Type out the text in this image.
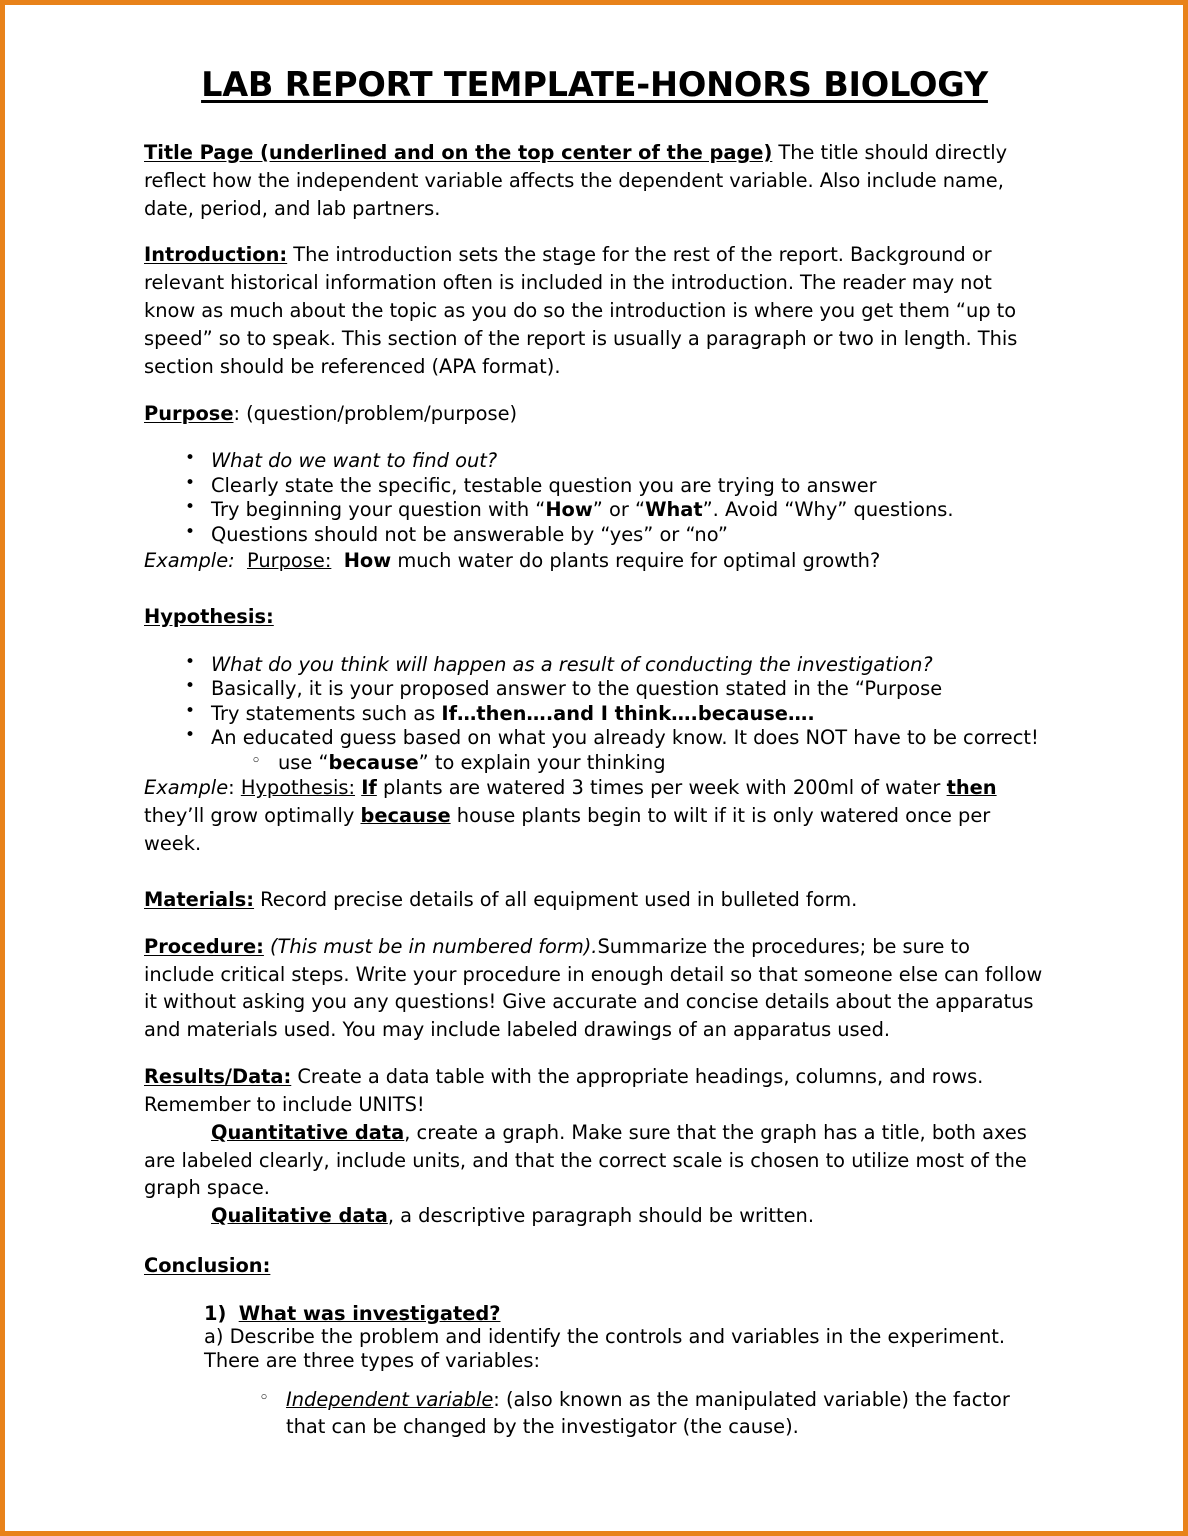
LAB REPORT TEMPLATE-HONORS BIOLOGY

Title Page (underlined and on the top center of the page) The title should directly reflect how the independent variable affects the dependent variable. Also include name, date, period, and lab partners.

Introduction: The introduction sets the stage for the rest of the report. Background or relevant historical information often is included in the introduction. The reader may not know as much about the topic as you do so the introduction is where you get them “up to speed” so to speak. This section of the report is usually a paragraph or two in length. This section should be referenced (APA format).

Purpose: (question/problem/purpose)

• What do we want to find out?
• Clearly state the specific, testable question you are trying to answer
• Try beginning your question with “How” or “What”. Avoid “Why” questions.
• Questions should not be answerable by “yes” or “no”

Example: Purpose: How much water do plants require for optimal growth?

Hypothesis:

• What do you think will happen as a result of conducting the investigation?
• Basically, it is your proposed answer to the question stated in the “Purpose
• Try statements such as If…then….and I think….because….
• An educated guess based on what you already know. It does NOT have to be correct!
◦ use “because” to explain your thinking

Example: Hypothesis: If plants are watered 3 times per week with 200ml of water then they’ll grow optimally because house plants begin to wilt if it is only watered once per week.

Materials: Record precise details of all equipment used in bulleted form.

Procedure: (This must be in numbered form).Summarize the procedures; be sure to include critical steps. Write your procedure in enough detail so that someone else can follow it without asking you any questions! Give accurate and concise details about the apparatus and materials used. You may include labeled drawings of an apparatus used.

Results/Data: Create a data table with the appropriate headings, columns, and rows. Remember to include UNITS!

Quantitative data, create a graph. Make sure that the graph has a title, both axes are labeled clearly, include units, and that the correct scale is chosen to utilize most of the graph space.

Qualitative data, a descriptive paragraph should be written.

Conclusion:

1) What was investigated?

a) Describe the problem and identify the controls and variables in the experiment. There are three types of variables:

◦ Independent variable: (also known as the manipulated variable) the factor that can be changed by the investigator (the cause).
